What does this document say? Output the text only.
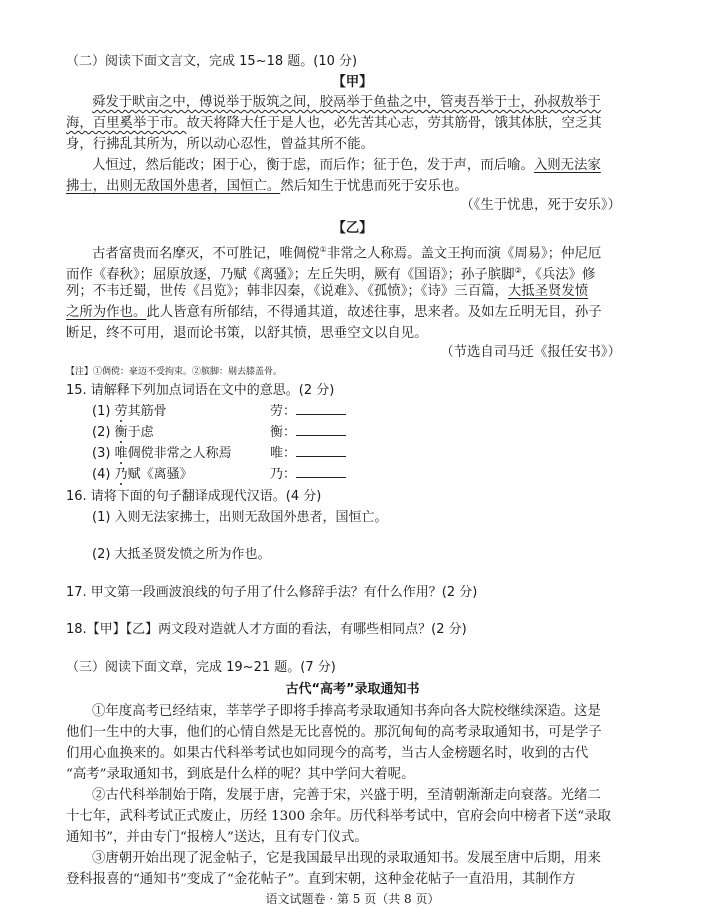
（二）阅读下面文言文，完成 15~18 题。(10 分)
【甲】
舜发于畎亩之中，傅说举于版筑之间，胶鬲举于鱼盐之中，管夷吾举于士，孙叔敖举于
海，百里奚举于市。故天将降大任于是人也，必先苦其心志，劳其筋骨，饿其体肤，空乏其
身，行拂乱其所为，所以动心忍性，曾益其所不能。
人恒过，然后能改；困于心，衡于虑，而后作；征于色，发于声，而后喻。入则无法家
拂士，出则无敌国外患者，国恒亡。然后知生于忧患而死于安乐也。
（《生于忧患，死于安乐》）
【乙】
古者富贵而名摩灭，不可胜记，唯倜傥①非常之人称焉。盖文王拘而演《周易》；仲尼厄
而作《春秋》；屈原放逐，乃赋《离骚》；左丘失明，厥有《国语》；孙子膑脚②，《兵法》修
列；不韦迁蜀，世传《吕览》；韩非囚秦，《说难》、《孤愤》；《诗》三百篇，大抵圣贤发愤
之所为作也。此人皆意有所郁结，不得通其道，故述往事，思来者。及如左丘明无目，孙子
断足，终不可用，退而论书策，以舒其愤，思垂空文以自见。
（节选自司马迁《报任安书》）
【注】①倜傥：豪迈不受拘束。②膑脚：剔去膝盖骨。
15. 请解释下列加点词语在文中的意思。(2 分)
(1) 劳其筋骨	劳：
(2) 衡于虑	衡：
(3) 唯倜傥非常之人称焉	唯：
(4) 乃赋《离骚》	乃：
16. 请将下面的句子翻译成现代汉语。(4 分)
(1) 入则无法家拂士，出则无敌国外患者，国恒亡。
(2) 大抵圣贤发愤之所为作也。
17. 甲文第一段画波浪线的句子用了什么修辞手法？有什么作用？(2 分)
18.【甲】【乙】两文段对造就人才方面的看法，有哪些相同点？(2 分)
（三）阅读下面文章，完成 19~21 题。(7 分)
古代“高考”录取通知书
①年度高考已经结束，莘莘学子即将手捧高考录取通知书奔向各大院校继续深造。这是
他们一生中的大事，他们的心情自然是无比喜悦的。那沉甸甸的高考录取通知书，可是学子
们用心血换来的。如果古代科举考试也如同现今的高考，当古人金榜题名时，收到的古代
“高考”录取通知书，到底是什么样的呢？其中学问大着呢。
②古代科举制始于隋，发展于唐，完善于宋，兴盛于明，至清朝渐渐走向衰落。光绪二
十七年，武科考试正式废止，历经 1300 余年。历代科举考试中，官府会向中榜者下送“录取
通知书”，并由专门“报榜人”送达，且有专门仪式。
③唐朝开始出现了泥金帖子，它是我国最早出现的录取通知书。发展至唐中后期，用来
登科报喜的“通知书”变成了“金花帖子”。直到宋朝，这种金花帖子一直沿用，其制作方
语文试题卷 · 第 5 页（共 8 页）
